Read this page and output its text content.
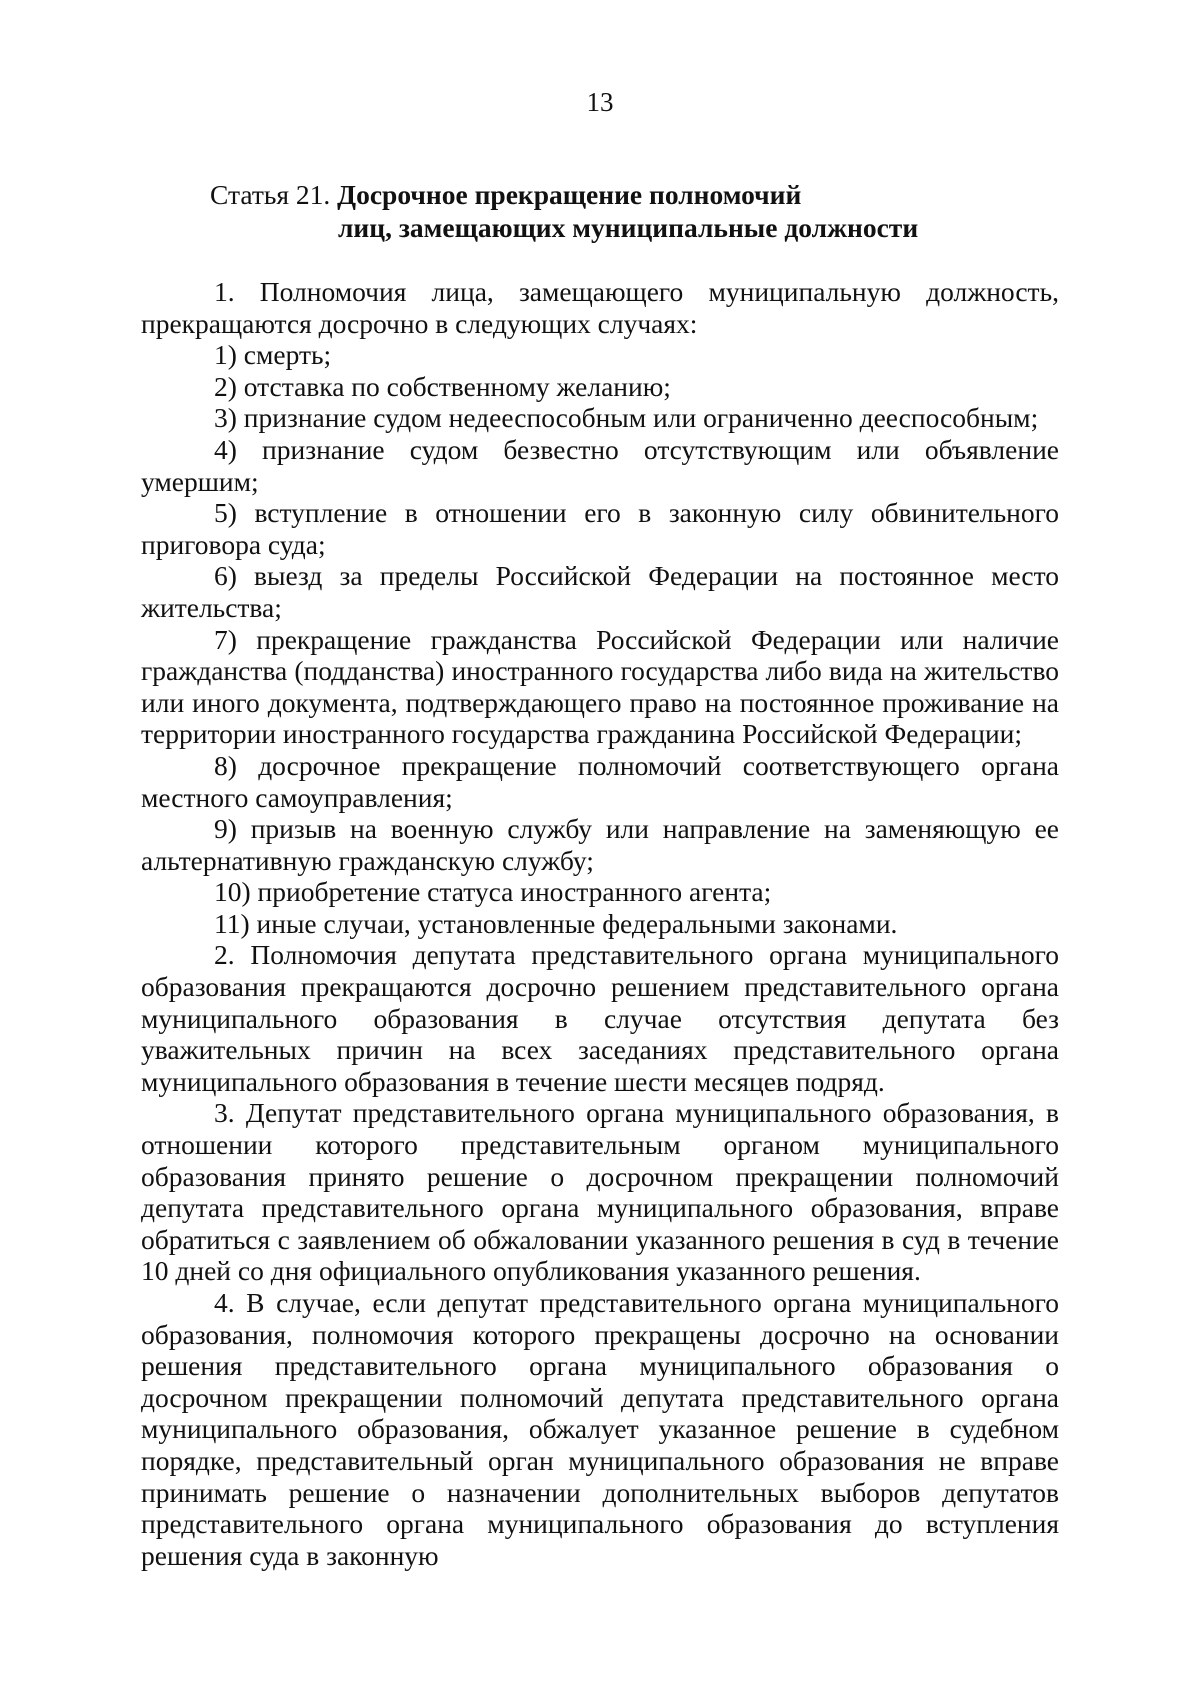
13
Статья 21. Досрочное прекращение полномочий
лиц, замещающих муниципальные должности

1. Полномочия лица, замещающего муниципальную должность, прекращаются досрочно в следующих случаях:

1) смерть;

2) отставка по собственному желанию;

3) признание судом недееспособным или ограниченно дееспособным;

4) признание судом безвестно отсутствующим или объявление умершим;

5) вступление в отношении его в законную силу обвинительного приговора суда;

6) выезд за пределы Российской Федерации на постоянное место жительства;

7) прекращение гражданства Российской Федерации или наличие гражданства (подданства) иностранного государства либо вида на жительство или иного документа, подтверждающего право на постоянное проживание на территории иностранного государства гражданина Российской Федерации;

8) досрочное прекращение полномочий соответствующего органа местного самоуправления;

9) призыв на военную службу или направление на заменяющую ее альтернативную гражданскую службу;

10) приобретение статуса иностранного агента;

11) иные случаи, установленные федеральными законами.

2. Полномочия депутата представительного органа муниципального образования прекращаются досрочно решением представительного органа муниципального образования в случае отсутствия депутата без уважительных причин на всех заседаниях представительного органа муниципального образования в течение шести месяцев подряд.

3. Депутат представительного органа муниципального образования, в отношении которого представительным органом муниципального образования принято решение о досрочном прекращении полномочий депутата представительного органа муниципального образования, вправе обратиться с заявлением об обжаловании указанного решения в суд в течение 10 дней со дня официального опубликования указанного решения.

4. В случае, если депутат представительного органа муниципального образования, полномочия которого прекращены досрочно на основании решения представительного органа муниципального образования о досрочном прекращении полномочий депутата представительного органа муниципального образования, обжалует указанное решение в судебном порядке, представительный орган муниципального образования не вправе принимать решение о назначении дополнительных выборов депутатов представительного органа муниципального образования до вступления решения суда в законную
